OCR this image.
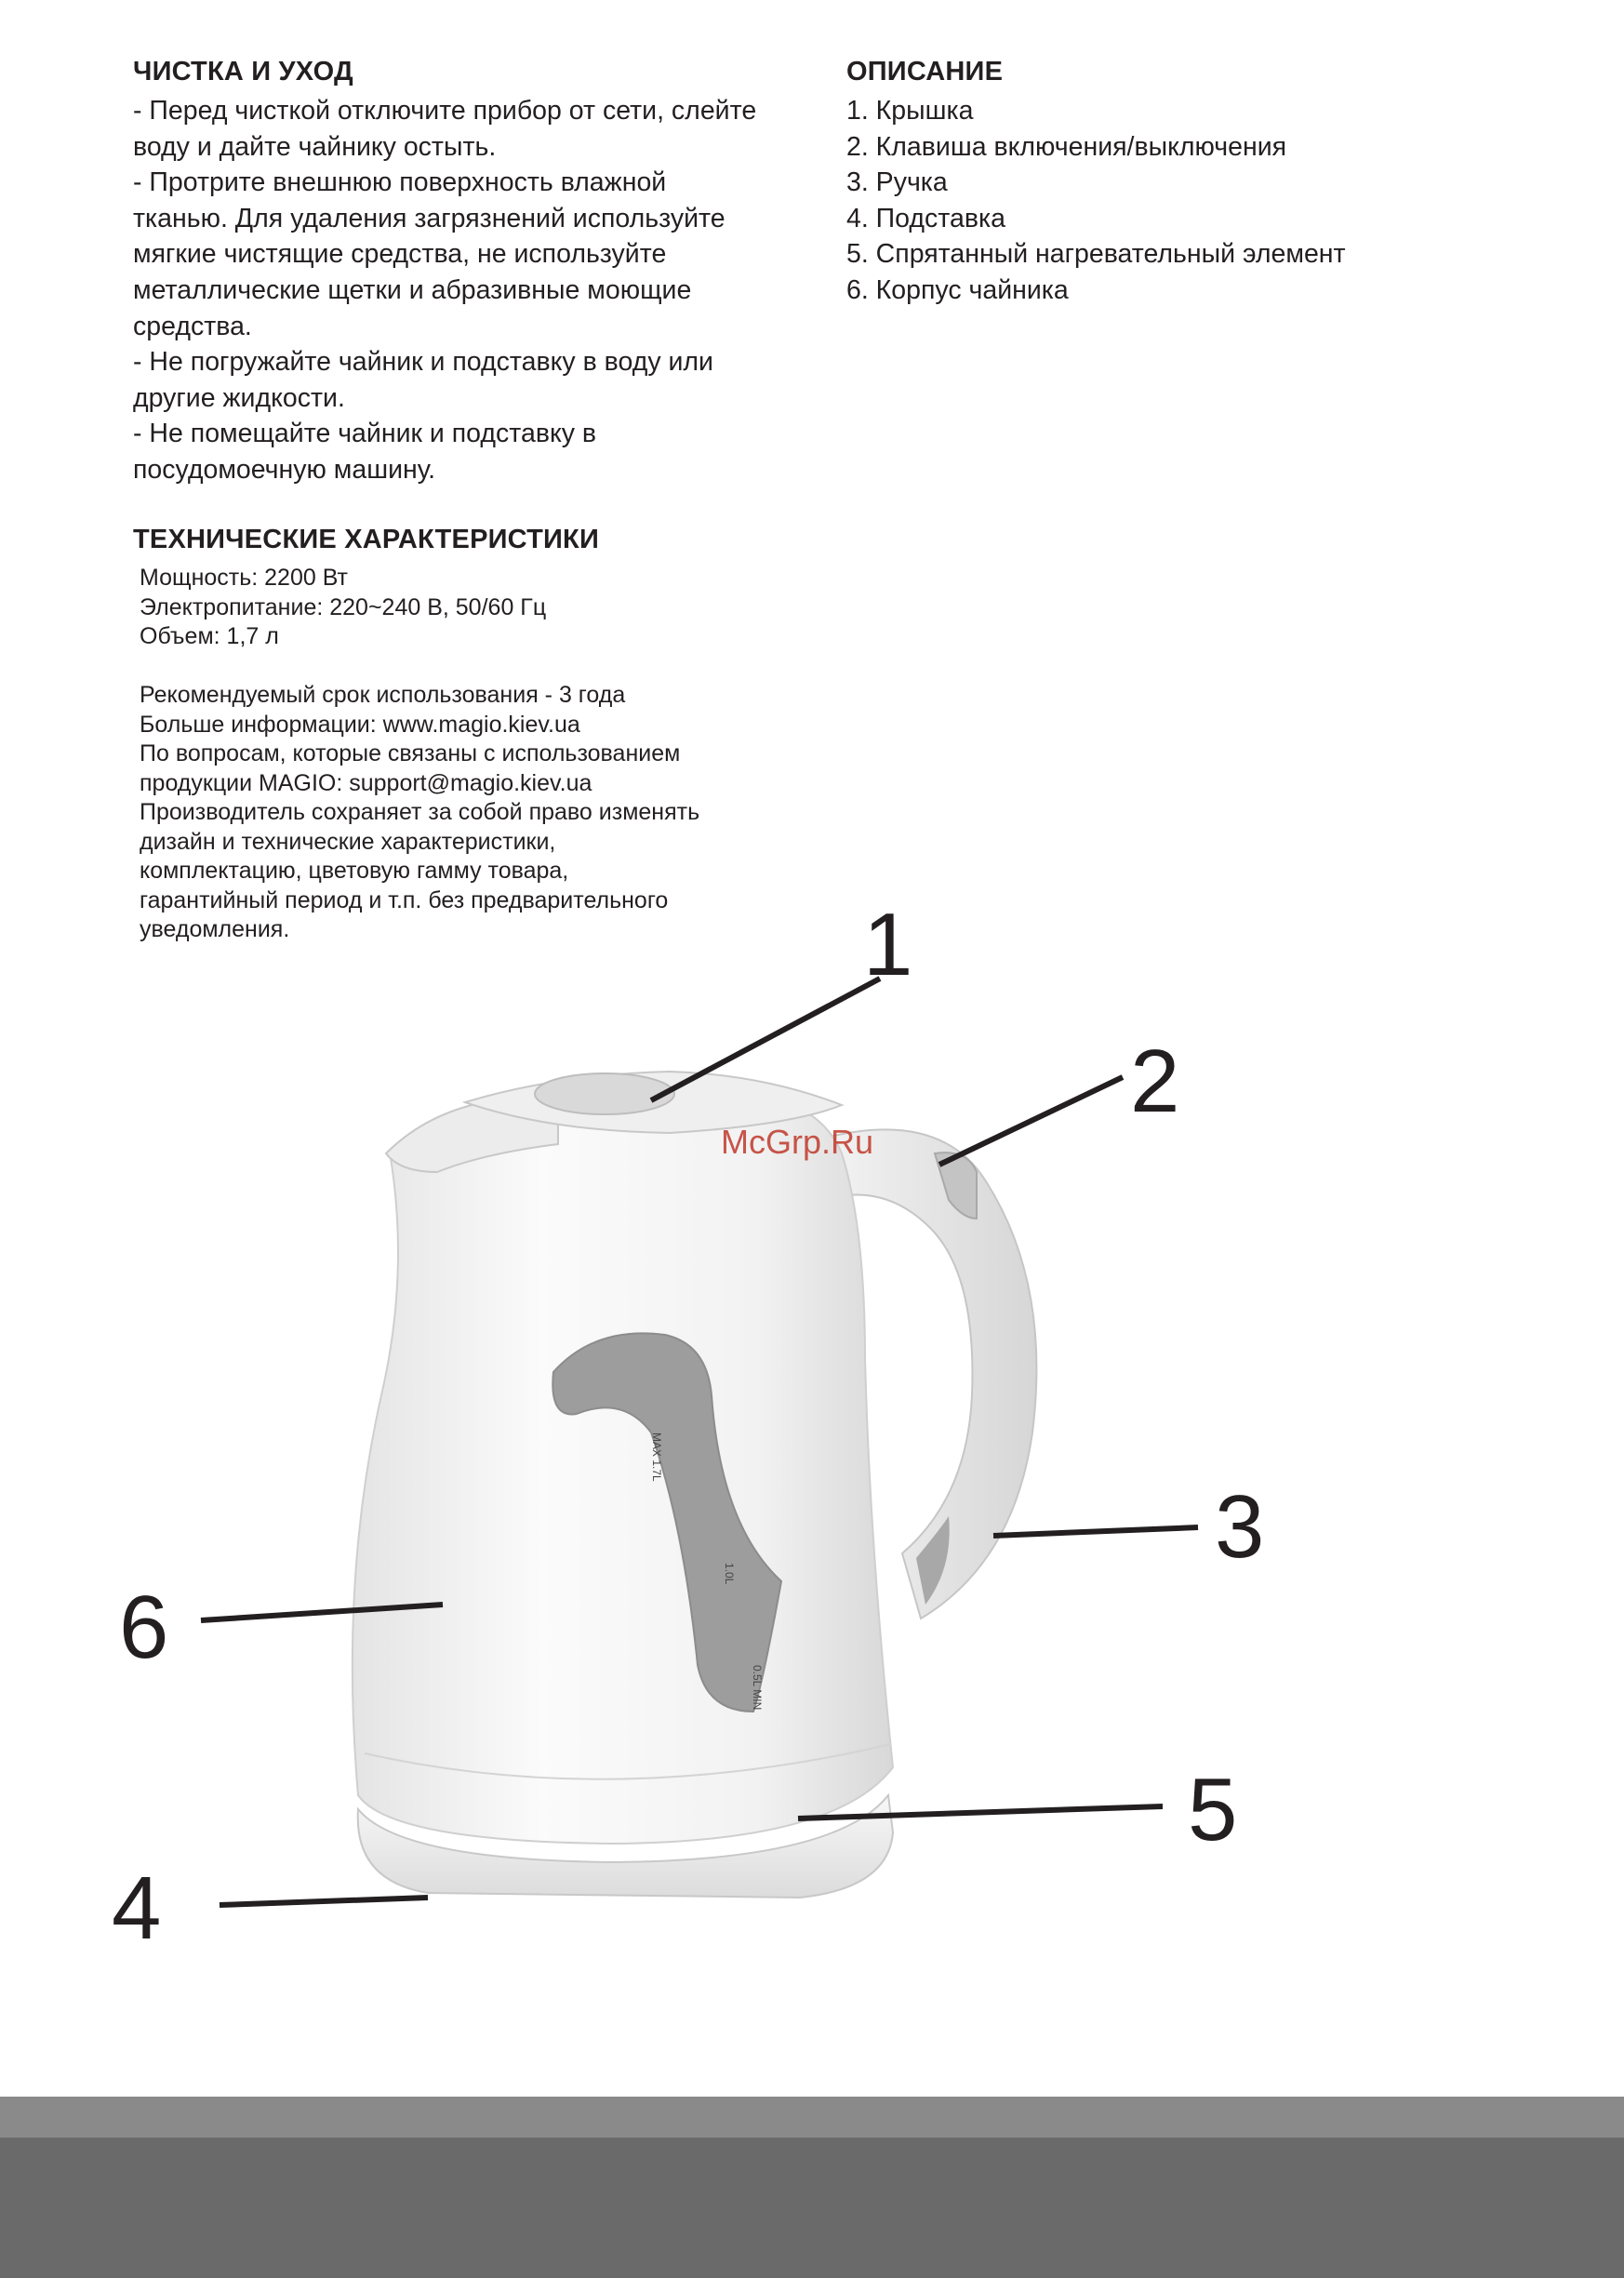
ЧИСТКА И УХОД

- Перед чисткой отключите прибор от сети, слейте

воду и дайте чайнику остыть.

- Протрите внешнюю поверхность влажной

тканью. Для удаления загрязнений используйте

мягкие чистящие средства, не используйте

металлические щетки и абразивные моющие

средства.

- Не погружайте чайник и подставку в воду или

другие жидкости.

- Не помещайте чайник и подставку в

посудомоечную машину.

ОПИСАНИЕ

1. Крышка

2. Клавиша включения/выключения

3. Ручка

4. Подставка

5. Спрятанный нагревательный элемент

6. Корпус чайника

ТЕХНИЧЕСКИЕ ХАРАКТЕРИСТИКИ

Мощность: 2200 Вт

Электропитание: 220~240 В, 50/60 Гц

Объем: 1,7 л

Рекомендуемый срок использования - 3 года

Больше информации: www.magio.kiev.ua

По вопросам, которые связаны с использованием

продукции MAGIO: support@magio.kiev.ua

Производитель сохраняет за собой право изменять

дизайн и технические характеристики,

комплектацию, цветовую гамму товара,

гарантийный период и т.п. без предварительного

уведомления.

MAX 1.7L
1.0L
0.5L MIN
1
2
3
4
5
6
McGrp.Ru
